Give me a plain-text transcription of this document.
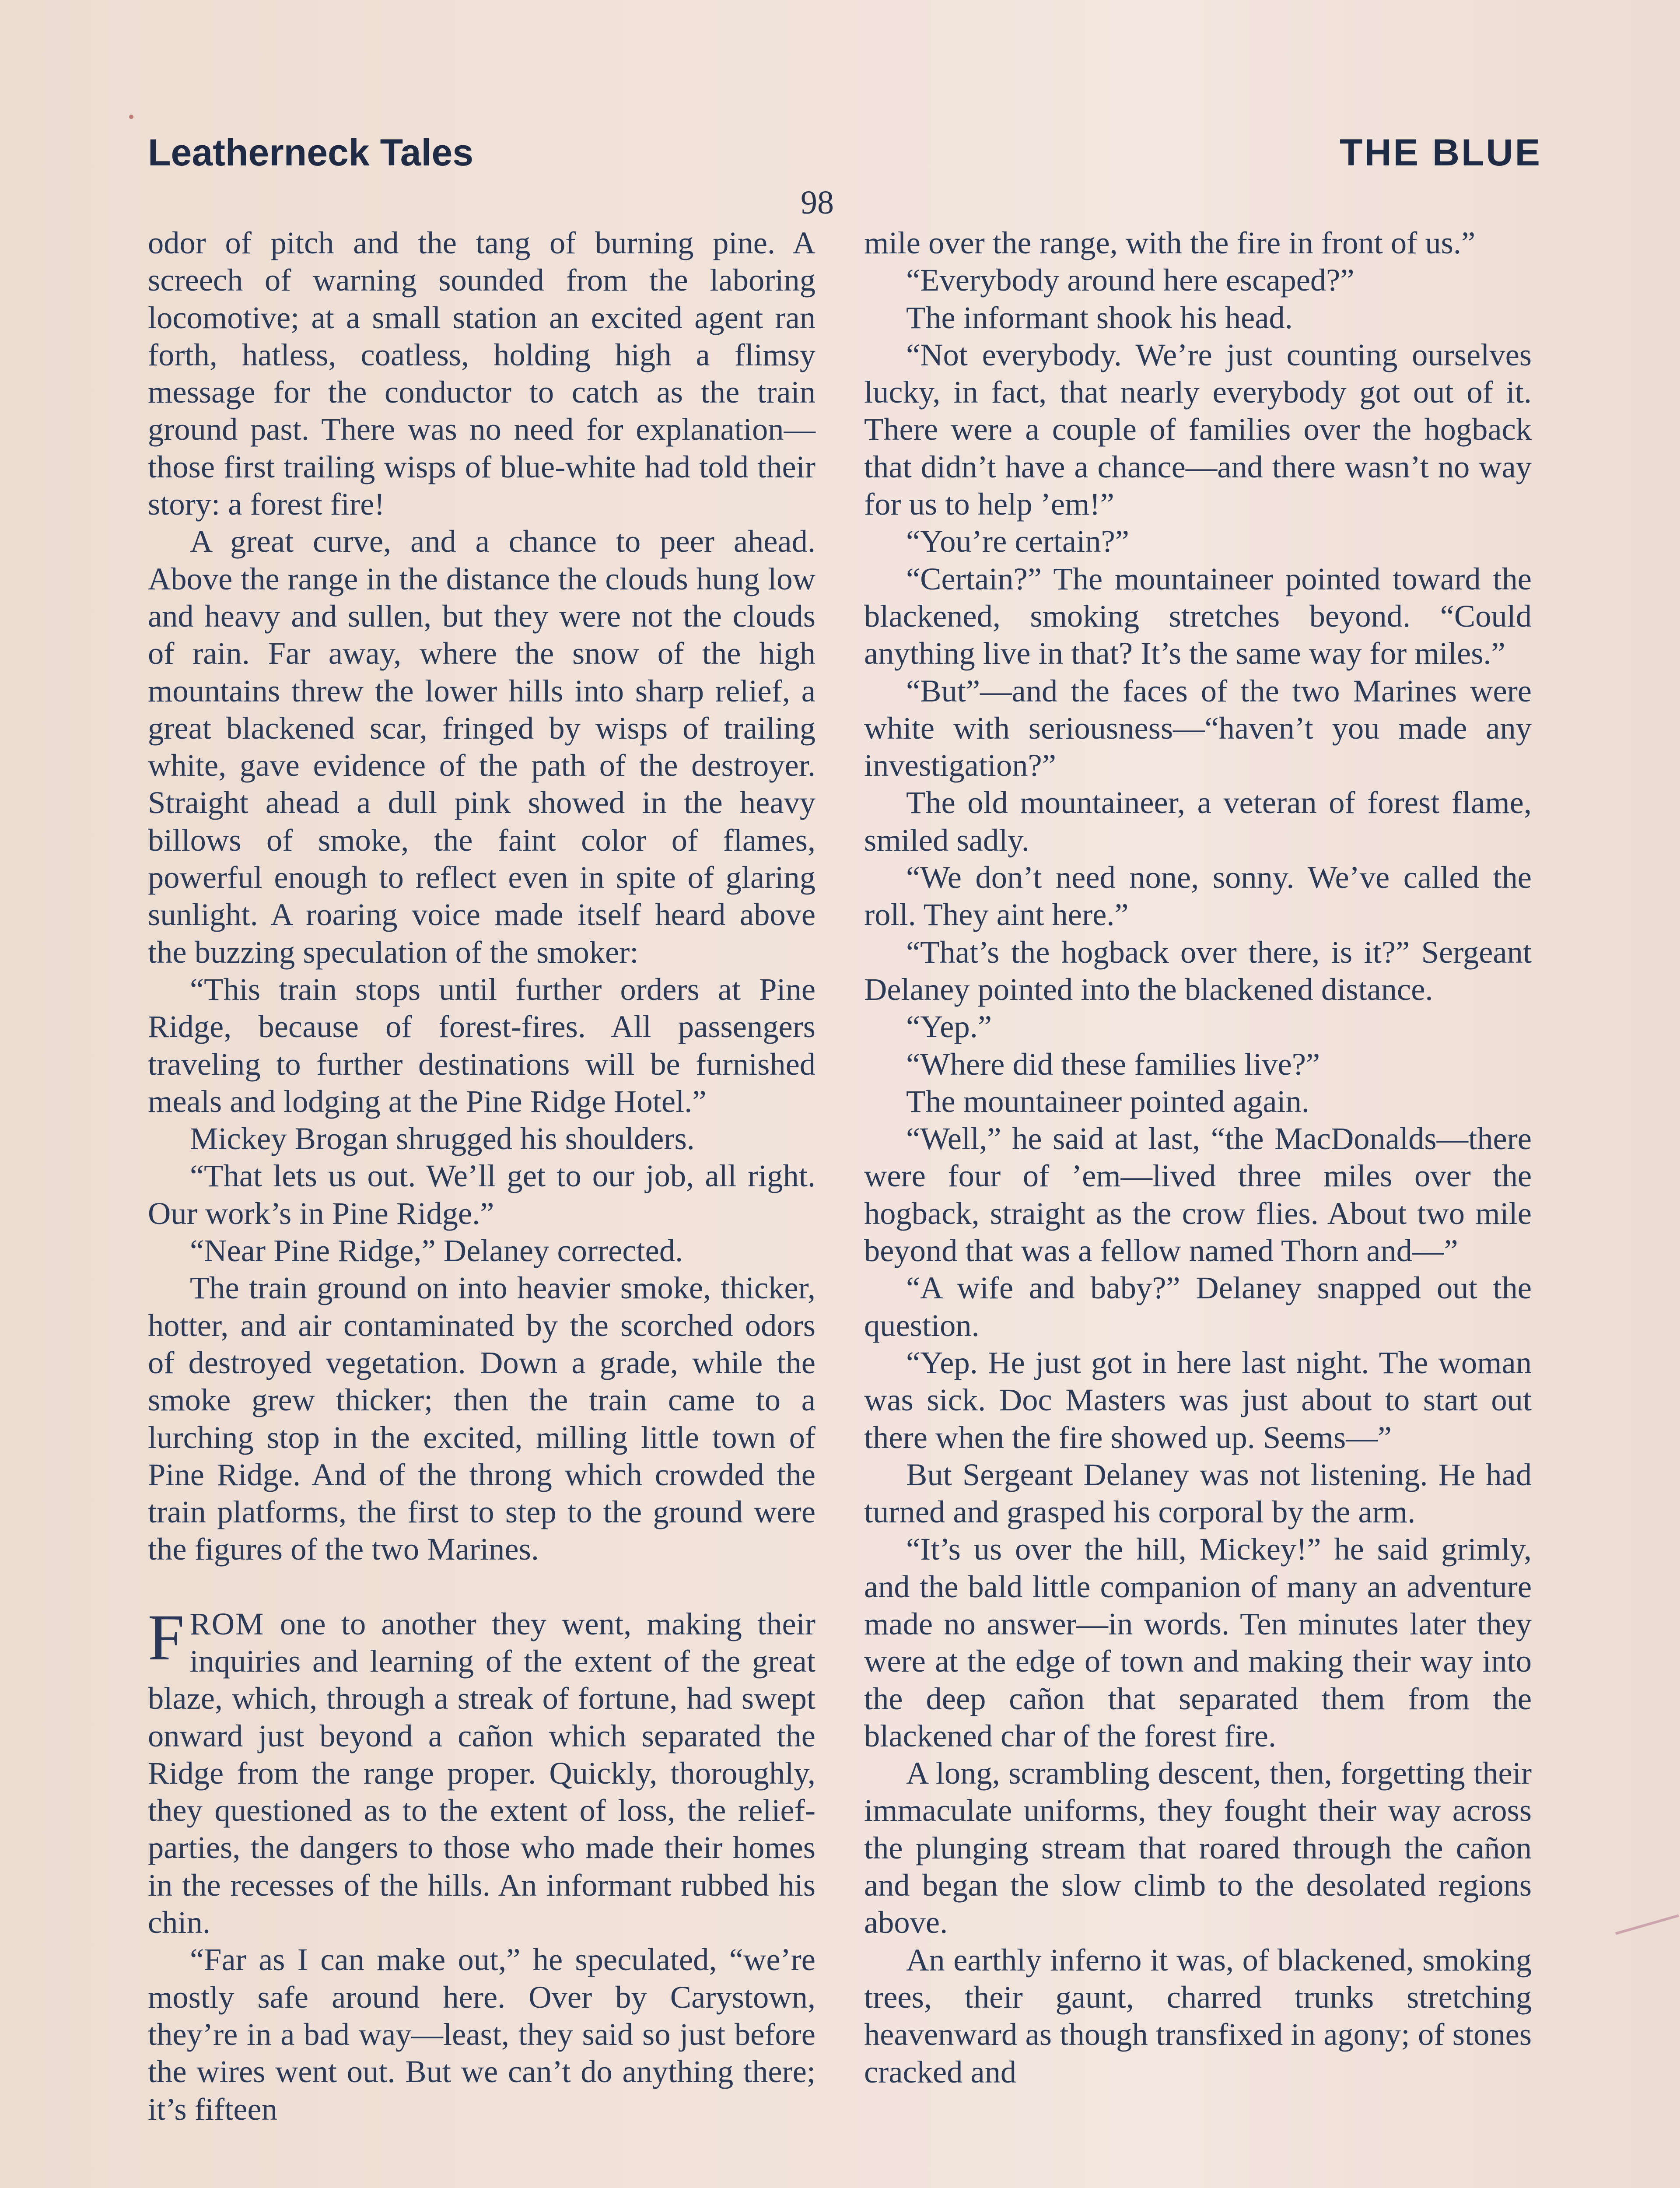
Leatherneck Tales	THE BLUE
98

odor of pitch and the tang of burning pine. A screech of warning sounded from the laboring locomotive; at a small station an excited agent ran forth, hatless, coatless, holding high a flimsy message for the conductor to catch as the train ground past. There was no need for explanation—those first trailing wisps of blue-white had told their story: a forest fire!

A great curve, and a chance to peer ahead. Above the range in the distance the clouds hung low and heavy and sullen, but they were not the clouds of rain. Far away, where the snow of the high mountains threw the lower hills into sharp relief, a great blackened scar, fringed by wisps of trailing white, gave evidence of the path of the destroyer. Straight ahead a dull pink showed in the heavy billows of smoke, the faint color of flames, powerful enough to reflect even in spite of glaring sunlight. A roaring voice made itself heard above the buzzing speculation of the smoker:

“This train stops until further orders at Pine Ridge, because of forest-fires. All passengers traveling to further destinations will be furnished meals and lodging at the Pine Ridge Hotel.”

Mickey Brogan shrugged his shoulders.

“That lets us out. We’ll get to our job, all right. Our work’s in Pine Ridge.”

“Near Pine Ridge,” Delaney corrected.

The train ground on into heavier smoke, thicker, hotter, and air contaminated by the scorched odors of destroyed vegetation. Down a grade, while the smoke grew thicker; then the train came to a lurching stop in the excited, milling little town of Pine Ridge. And of the throng which crowded the train platforms, the first to step to the ground were the figures of the two Marines.

FROM one to another they went, making their inquiries and learning of the extent of the great blaze, which, through a streak of fortune, had swept onward just beyond a cañon which separated the Ridge from the range proper. Quickly, thoroughly, they questioned as to the extent of loss, the relief-parties, the dangers to those who made their homes in the recesses of the hills. An informant rubbed his chin.

“Far as I can make out,” he speculated, “we’re mostly safe around here. Over by Carystown, they’re in a bad way—least, they said so just before the wires went out. But we can’t do anything there; it’s fifteen

mile over the range, with the fire in front of us.”

“Everybody around here escaped?”

The informant shook his head.

“Not everybody. We’re just counting ourselves lucky, in fact, that nearly everybody got out of it. There were a couple of families over the hogback that didn’t have a chance—and there wasn’t no way for us to help ’em!”

“You’re certain?”

“Certain?” The mountaineer pointed toward the blackened, smoking stretches beyond. “Could anything live in that? It’s the same way for miles.”

“But”—and the faces of the two Marines were white with seriousness—“haven’t you made any investigation?”

The old mountaineer, a veteran of forest flame, smiled sadly.

“We don’t need none, sonny. We’ve called the roll. They aint here.”

“That’s the hogback over there, is it?” Sergeant Delaney pointed into the blackened distance.

“Yep.”

“Where did these families live?”

The mountaineer pointed again.

“Well,” he said at last, “the MacDonalds—there were four of ’em—lived three miles over the hogback, straight as the crow flies. About two mile beyond that was a fellow named Thorn and—”

“A wife and baby?” Delaney snapped out the question.

“Yep. He just got in here last night. The woman was sick. Doc Masters was just about to start out there when the fire showed up. Seems—”

But Sergeant Delaney was not listening. He had turned and grasped his corporal by the arm.

“It’s us over the hill, Mickey!” he said grimly, and the bald little companion of many an adventure made no answer—in words. Ten minutes later they were at the edge of town and making their way into the deep cañon that separated them from the blackened char of the forest fire.

A long, scrambling descent, then, forgetting their immaculate uniforms, they fought their way across the plunging stream that roared through the cañon and began the slow climb to the desolated regions above.

An earthly inferno it was, of blackened, smoking trees, their gaunt, charred trunks stretching heavenward as though transfixed in agony; of stones cracked and
